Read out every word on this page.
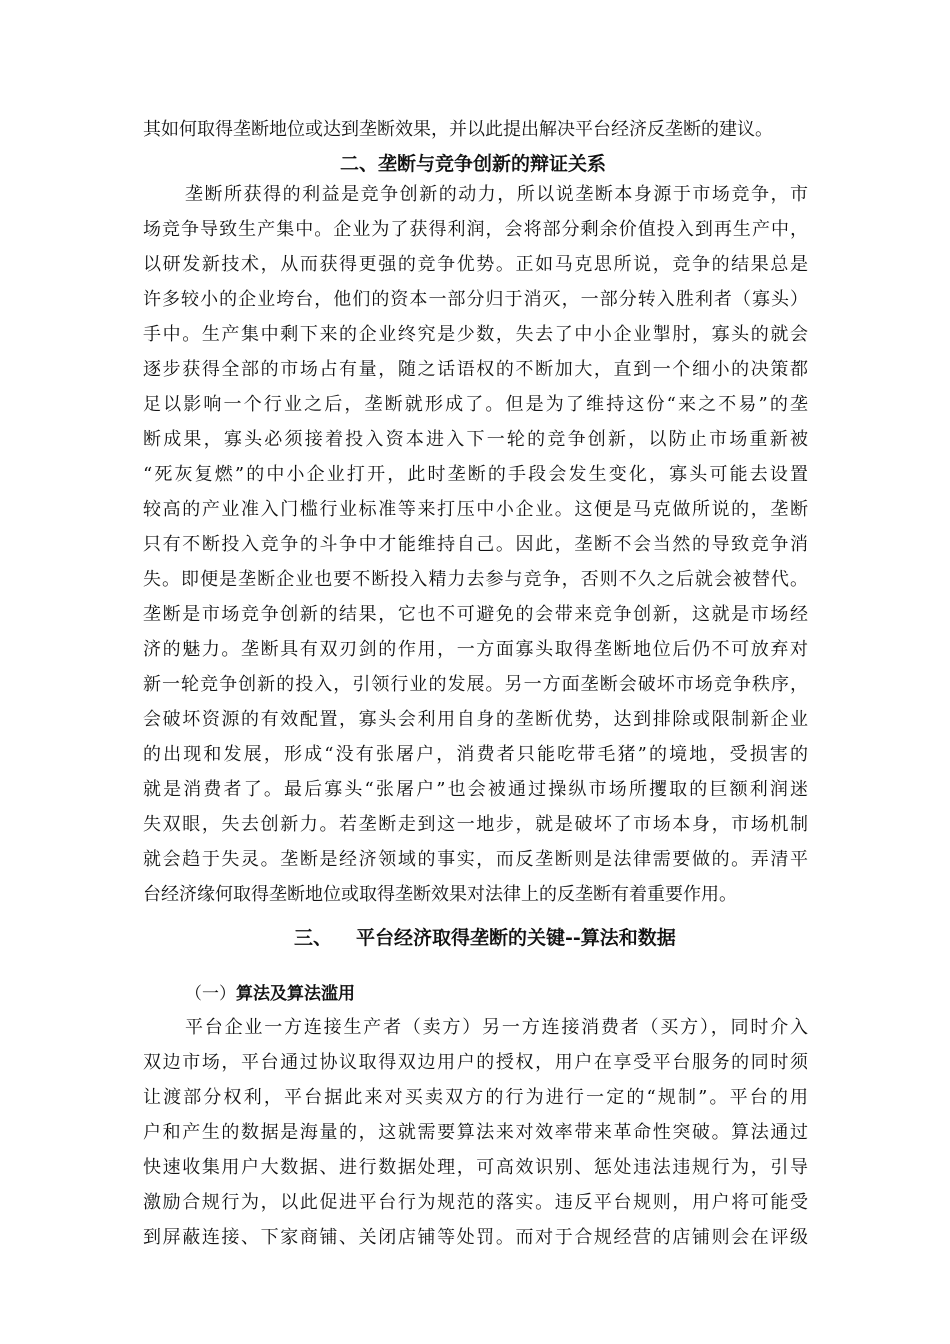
其如何取得垄断地位或达到垄断效果，并以此提出解决平台经济反垄断的建议。
二、垄断与竞争创新的辩证关系
垄断所获得的利益是竞争创新的动力，所以说垄断本身源于市场竞争，市
场竞争导致生产集中。企业为了获得利润，会将部分剩余价值投入到再生产中，
以研发新技术，从而获得更强的竞争优势。正如马克思所说，竞争的结果总是
许多较小的企业垮台，他们的资本一部分归于消灭，一部分转入胜利者（寡头）
手中。生产集中剩下来的企业终究是少数，失去了中小企业掣肘，寡头的就会
逐步获得全部的市场占有量，随之话语权的不断加大，直到一个细小的决策都
足以影响一个行业之后，垄断就形成了。但是为了维持这份“来之不易”的垄
断成果，寡头必须接着投入资本进入下一轮的竞争创新，以防止市场重新被
“死灰复燃”的中小企业打开，此时垄断的手段会发生变化，寡头可能去设置
较高的产业准入门槛行业标准等来打压中小企业。这便是马克做所说的，垄断
只有不断投入竞争的斗争中才能维持自己。因此，垄断不会当然的导致竞争消
失。即便是垄断企业也要不断投入精力去参与竞争，否则不久之后就会被替代。
垄断是市场竞争创新的结果，它也不可避免的会带来竞争创新，这就是市场经
济的魅力。垄断具有双刃剑的作用，一方面寡头取得垄断地位后仍不可放弃对
新一轮竞争创新的投入，引领行业的发展。另一方面垄断会破坏市场竞争秩序，
会破坏资源的有效配置，寡头会利用自身的垄断优势，达到排除或限制新企业
的出现和发展，形成“没有张屠户，消费者只能吃带毛猪”的境地，受损害的
就是消费者了。最后寡头“张屠户”也会被通过操纵市场所攫取的巨额利润迷
失双眼，失去创新力。若垄断走到这一地步，就是破坏了市场本身，市场机制
就会趋于失灵。垄断是经济领域的事实，而反垄断则是法律需要做的。弄清平
台经济缘何取得垄断地位或取得垄断效果对法律上的反垄断有着重要作用。
三、 平台经济取得垄断的关键--算法和数据
（一）算法及算法滥用
平台企业一方连接生产者（卖方）另一方连接消费者（买方），同时介入
双边市场，平台通过协议取得双边用户的授权，用户在享受平台服务的同时须
让渡部分权利，平台据此来对买卖双方的行为进行一定的“规制”。平台的用
户和产生的数据是海量的，这就需要算法来对效率带来革命性突破。算法通过
快速收集用户大数据、进行数据处理，可高效识别、惩处违法违规行为，引导
激励合规行为，以此促进平台行为规范的落实。违反平台规则，用户将可能受
到屏蔽连接、下家商铺、关闭店铺等处罚。而对于合规经营的店铺则会在评级
